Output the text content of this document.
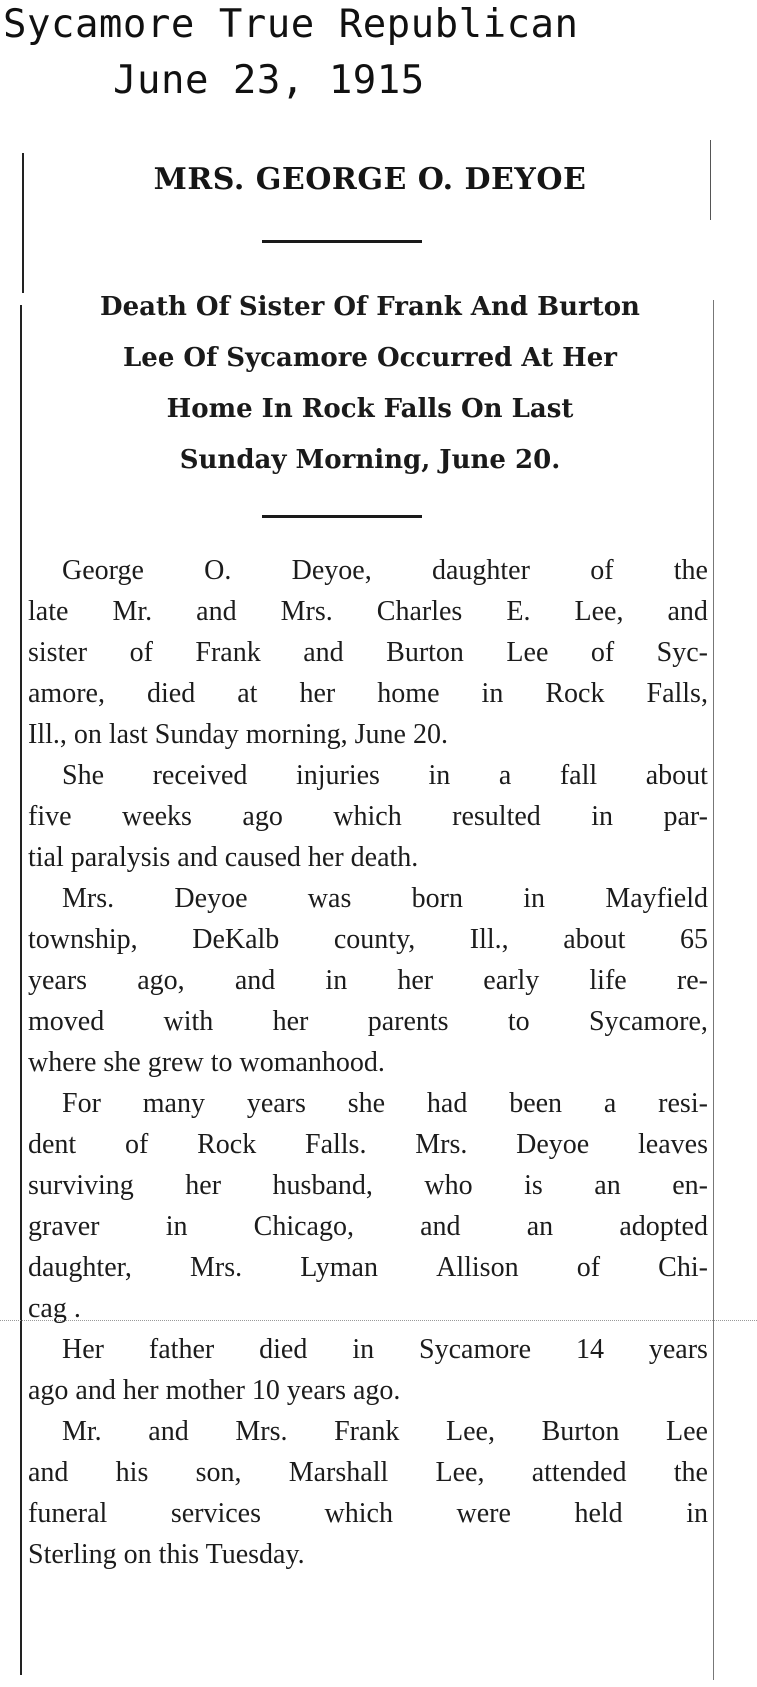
Sycamore True Republican
June 23, 1915
MRS. GEORGE O. DEYOE
Death Of Sister Of Frank And Burton
Lee Of Sycamore Occurred At Her
Home In Rock Falls On Last
Sunday Morning, June 20.
George O. Deyoe, daughter of the
late Mr. and Mrs. Charles E. Lee, and
sister of Frank and Burton Lee of Syc-
amore, died at her home in Rock Falls,
Ill., on last Sunday morning, June 20.
She received injuries in a fall about
five weeks ago which resulted in par-
tial paralysis and caused her death.
Mrs. Deyoe was born in Mayfield
township, DeKalb county, Ill., about 65
years ago, and in her early life re-
moved with her parents to Sycamore,
where she grew to womanhood.
For many years she had been a resi-
dent of Rock Falls. Mrs. Deyoe leaves
surviving her husband, who is an en-
graver in Chicago, and an adopted
daughter, Mrs. Lyman Allison of Chi-
cag .
Her father died in Sycamore 14 years
ago and her mother 10 years ago.
Mr. and Mrs. Frank Lee, Burton Lee
and his son, Marshall Lee, attended the
funeral services which were held in
Sterling on this Tuesday.
